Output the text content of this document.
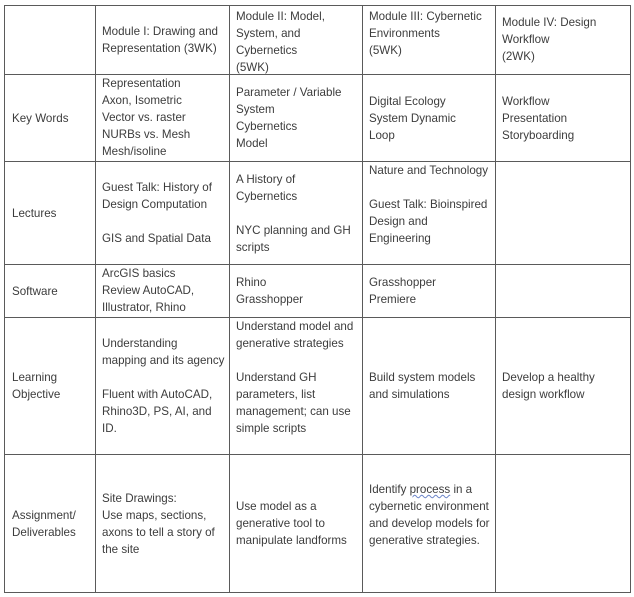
Module I: Drawing and Representation (3WK)
Module II: Model, System, and Cybernetics
(5WK)
Module III: Cybernetic Environments
(5WK)
Module IV: Design Workflow
(2WK)
Key Words
Representation
Axon, Isometric
Vector vs. raster
NURBs vs. Mesh
Mesh/isoline
Parameter / Variable
System
Cybernetics
Model
Digital Ecology
System Dynamic
Loop
Workflow
Presentation
Storyboarding
Lectures
Guest Talk: History of Design Computation

GIS and Spatial Data
A History of Cybernetics

NYC planning and GH scripts
Nature and Technology

Guest Talk: Bioinspired Design and Engineering
Software
ArcGIS basics
Review AutoCAD, Illustrator, Rhino
Rhino
Grasshopper
Grasshopper
Premiere
Learning
Objective
Understanding mapping and its agency

Fluent with AutoCAD, Rhino3D, PS, AI, and ID.
Understand model and generative strategies

Understand GH parameters, list management; can use simple scripts
Build system models and simulations
Develop a healthy design workflow
Assignment/
Deliverables
Site Drawings:
Use maps, sections, axons to tell a story of the site
Use model as a generative tool to manipulate landforms
Identify process in a cybernetic environment and develop models for generative strategies.
